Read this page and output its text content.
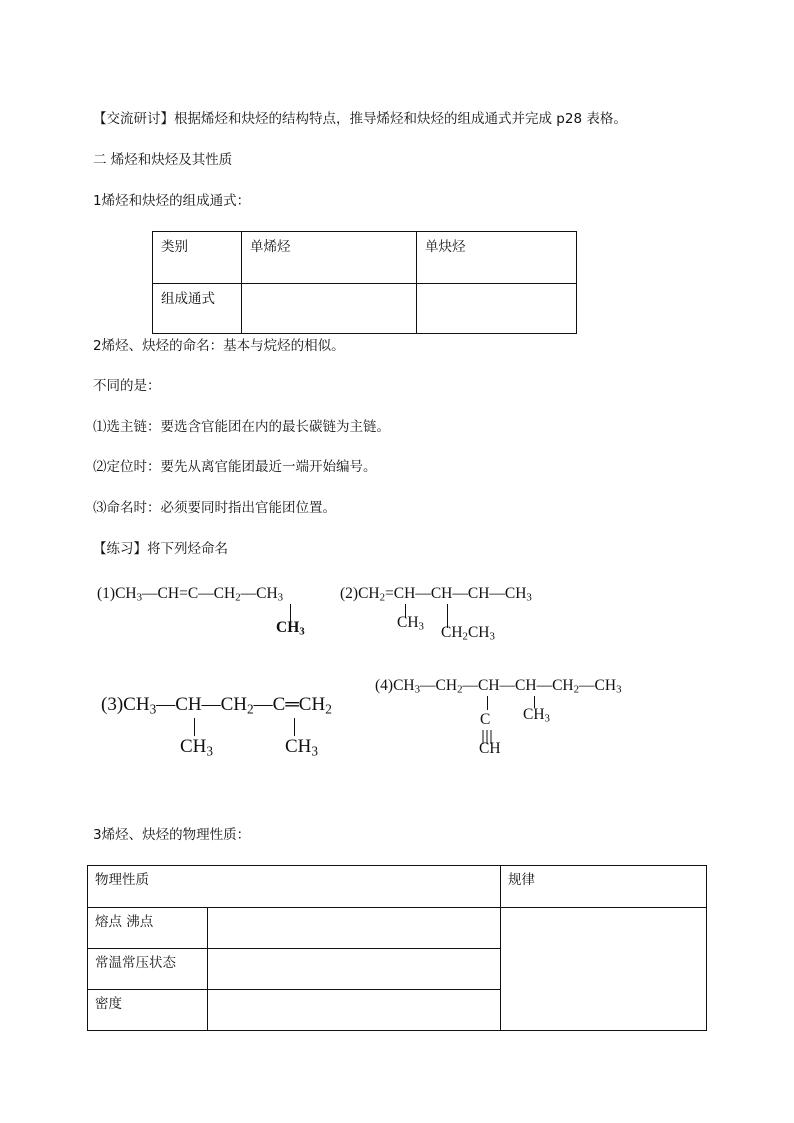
【交流研讨】根据烯烃和炔烃的结构特点，推导烯烃和炔烃的组成通式并完成 p28 表格。
二 烯烃和炔烃及其性质
1烯烃和炔烃的组成通式：
类别	单烯烃	单炔烃
组成通式		
2烯烃、炔烃的命名：基本与烷烃的相似。
不同的是：
⑴选主链：要选含官能团在内的最长碳链为主链。
⑵定位时：要先从离官能团最近一端开始编号。
⑶命名时：必须要同时指出官能团位置。
【练习】将下列烃命名
$(1)CH_3—CH=C—CH_2—CH_3$
$CH_3$
$(2)CH_2=CH—CH—CH—CH_3$
$CH_3$ $CH_2CH_3$
$(3)CH_3—CH—CH_2—C═CH_2$
$CH_3$	$CH_3$
$(4)CH_3—CH_2—CH—CH—CH_2—CH_3$
C
CH
$CH_3$
3烯烃、炔烃的物理性质：
物理性质		规律
熔点 沸点		
常温常压状态		
密度		
